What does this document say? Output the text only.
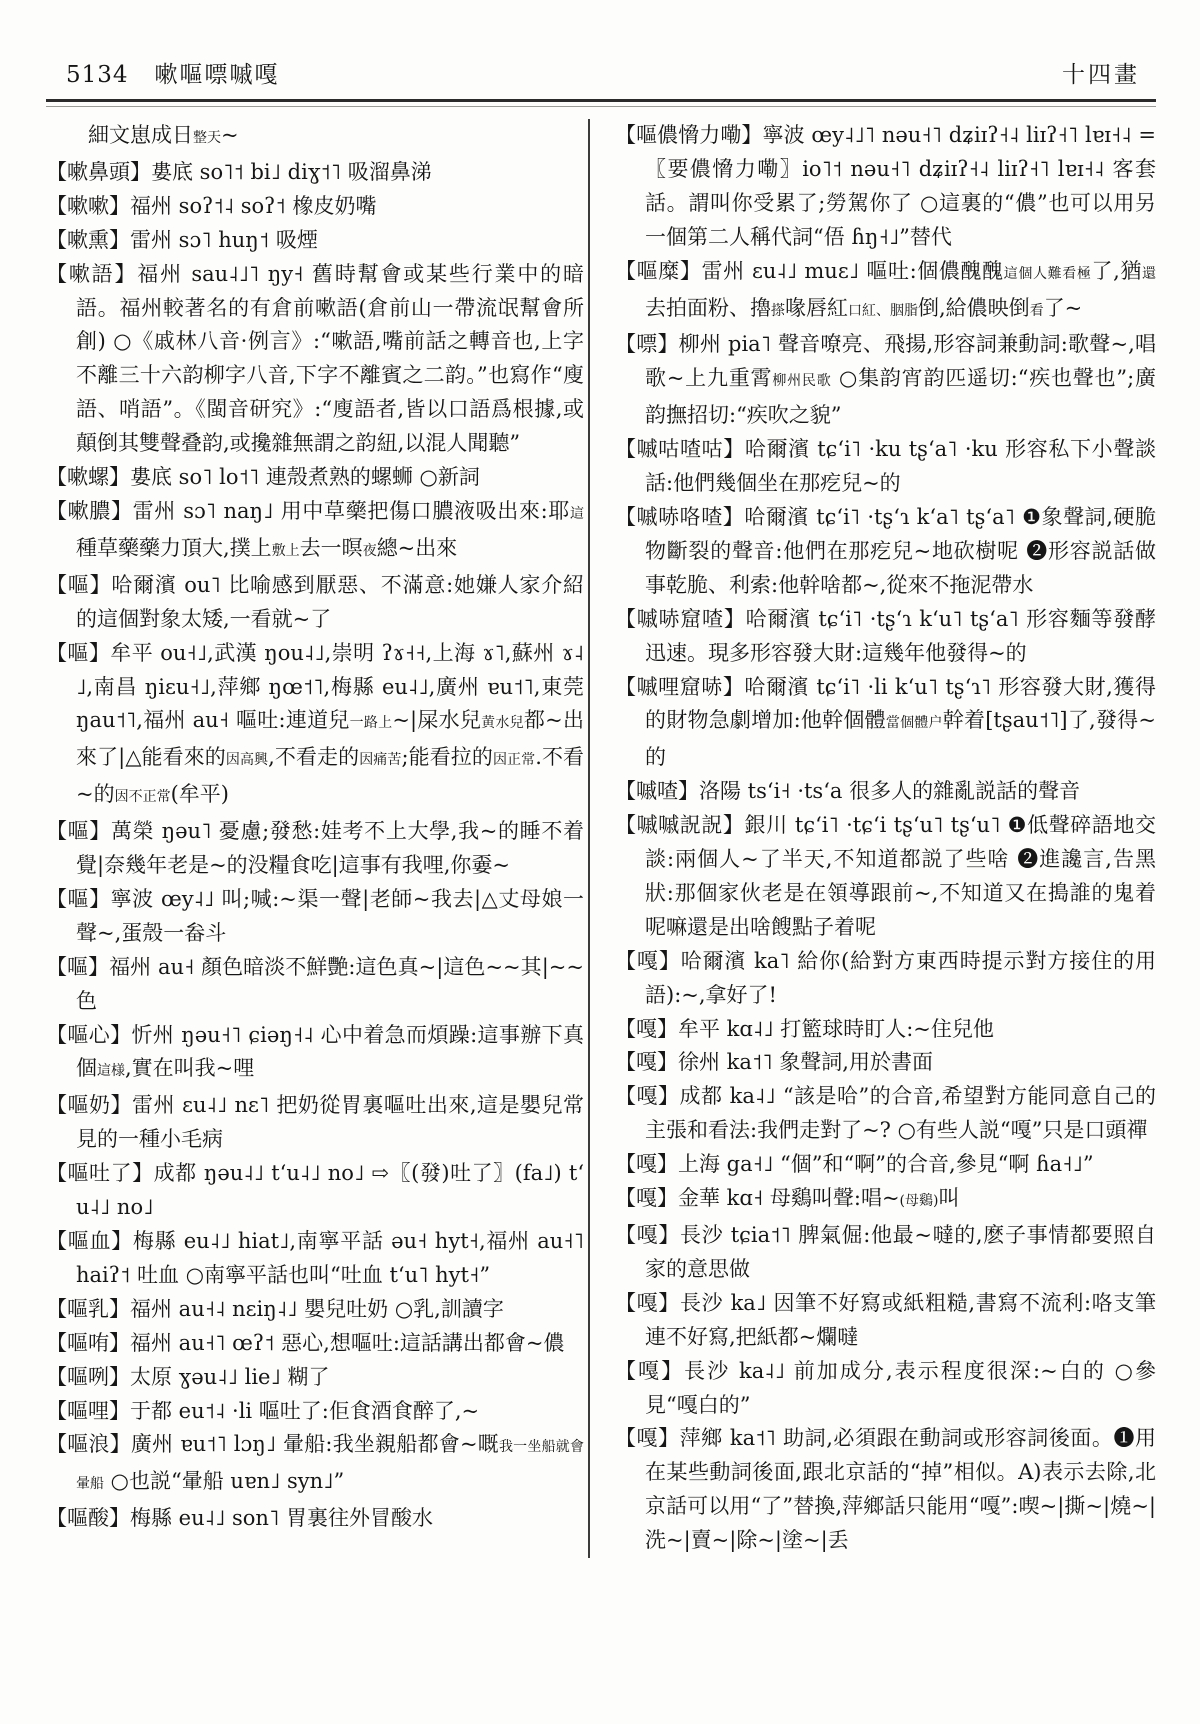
5134 嗽嘔嘌嘁嘎	十四畫

細文崽成日整天~

【嗽鼻頭】婁底 so˥˦ bi˩ diɣ˦˥ 吸溜鼻涕

【嗽嗽】福州 soʔ˦˨ soʔ˦ 橡皮奶嘴

【嗽熏】雷州 sɔ˥ huŋ˦ 吸煙

【嗽語】福州 sau˨˩˥ ŋy˧ 舊時幫會或某些行業中的暗語。福州較著名的有倉前嗽語(倉前山一帶流氓幫會所創) ○《戚林八音·例言》:“嗽語,嘴前話之轉音也,上字不離三十六韵柳字八音,下字不離賓之二韵。”也寫作“廋語、哨語”。《閩音研究》:“廋語者,皆以口語爲根據,或顛倒其雙聲叠韵,或攙雜無謂之韵紐,以混人聞聽”

【嗽螺】婁底 so˥ lo˦˥ 連殼煮熟的螺蛳 ○新詞

【嗽膿】雷州 sɔ˥ naŋ˩ 用中草藥把傷口膿液吸出來:耶這種草藥藥力頂大,撲上敷上去一暝夜總~出來

【嘔】哈爾濱 ou˥ 比喻感到厭惡、不滿意:她嫌人家介紹的這個對象太矮,一看就~了

【嘔】牟平 ou˧˩,武漢 ŋou˨˩,崇明 ʔɤ˧˧,上海 ɤ˥,蘇州 ɤ˨˩,南昌 ŋiɛu˧˩,萍鄉 ŋœ˦˥,梅縣 eu˨˩,廣州 ɐu˦˥,東莞 ŋau˦˥,福州 au˧ 嘔吐:連道兒一路上~|屎水兒黄水兒都~出來了|△能看來的因高興,不看走的因痛苦;能看拉的因正常.不看~的因不正常(牟平)

【嘔】萬榮 ŋəu˥ 憂慮;發愁:娃考不上大學,我~的睡不着覺|奈幾年老是~的没糧食吃|這事有我哩,你嫑~

【嘔】寧波 œy˨˩ 叫;喊:~渠一聲|老師~我去|△丈母娘一聲~,蛋殼一畚斗

【嘔】福州 au˧ 顏色暗淡不鮮艷:這色真~|這色~~其|~~色

【嘔心】忻州 ŋəu˧˥ ɕiəŋ˧˨ 心中着急而煩躁:這事辦下真個這様,實在叫我~哩

【嘔奶】雷州 ɛu˨˩ nɛ˥ 把奶從胃裏嘔吐出來,這是嬰兒常見的一種小毛病

【嘔吐了】成都 ŋəu˨˩ tʻu˨˩ no˩ ⇨〖(發)吐了〗(fa˩) tʻu˨˩ no˩

【嘔血】梅縣 eu˨˩ hiat˩,南寧平話 əu˧ hyt˧,福州 au˧˥ haiʔ˦ 吐血 ○南寧平話也叫“吐血 tʻu˥ hyt˧”

【嘔乳】福州 au˧˨ nɛiŋ˨˩ 嬰兒吐奶 ○乳,訓讀字

【嘔哊】福州 au˧˥ œʔ˦ 惡心,想嘔吐:這話講出都會~儂

【嘔咧】太原 ɣəu˨˩ lie˩ 糊了

【嘔哩】于都 eu˦˨ ·li 嘔吐了:佢食酒食醉了,~

【嘔浪】廣州 ɐu˦˥ lɔŋ˩ 暈船:我坐親船都會~嘅我一坐船就會暈船 ○也説“暈船 uɐn˩ syn˩”

【嘔酸】梅縣 eu˨˩ son˥ 胃裏往外冒酸水

【嘔儂愶力嘞】寧波 œy˨˩˥ nəu˧˥ dʑiɪʔ˧˨ liɪʔ˧˥ lɐɪ˧˨ =〖要儂愶力嘞〗io˥˦ nəu˧˥ dʑiɪʔ˧˨ liɪʔ˧˥ lɐɪ˧˨ 客套話。謂叫你受累了;勞駕你了 ○這裏的“儂”也可以用另一個第二人稱代詞“俉 ɦŋ˧˩”替代

【嘔糜】雷州 ɛu˨˩ muɛ˩ 嘔吐:個儂醜醜這個人難看極了,猶還去拍面粉、擼搽喙唇紅口紅、胭脂倒,給儂映倒看了~

【嘌】柳州 pia˥ 聲音嘹亮、飛揚,形容詞兼動詞:歌聲~,唱歌~上九重霄柳州民歌 ○集韵宵韵匹遥切:“疾也聲也”;廣韵撫招切:“疾吹之貌”

【嘁咕喳咕】哈爾濱 tɕʻi˥ ·ku tʂʻa˥ ·ku 形容私下小聲談話:他們幾個坐在那疙兒~的

【嘁哧咯喳】哈爾濱 tɕʻi˥ ·tʂʻɿ kʻa˥ tʂʻa˥ ❶象聲詞,硬脆物斷裂的聲音:他們在那疙兒~地砍樹呢 ❷形容説話做事乾脆、利索:他幹啥都~,從來不拖泥帶水

【嘁哧窟喳】哈爾濱 tɕʻi˥ ·tʂʻɿ kʻu˥ tʂʻa˥ 形容麵等發酵迅速。現多形容發大財:這幾年他發得~的

【嘁哩窟哧】哈爾濱 tɕʻi˥ ·li kʻu˥ tʂʻɿ˥ 形容發大財,獲得的財物急劇增加:他幹個體當個體户幹着[tʂau˦˥]了,發得~的

【嘁喳】洛陽 tsʻi˧ ·tsʻa 很多人的雜亂説話的聲音

【嘁嘁詋詋】銀川 tɕʻi˥ ·tɕʻi tʂʻu˥ tʂʻu˥ ❶低聲碎語地交談:兩個人~了半天,不知道都説了些啥 ❷進讒言,告黑狀:那個家伙老是在領導跟前~,不知道又在搗誰的鬼着呢嘛還是出啥餿點子着呢

【嘎】哈爾濱 ka˥ 給你(給對方東西時提示對方接住的用語):~,拿好了!

【嘎】牟平 kɑ˨˩ 打籃球時盯人:~住兒他

【嘎】徐州 ka˦˥ 象聲詞,用於書面

【嘎】成都 ka˨˩ “該是哈”的合音,希望對方能同意自己的主張和看法:我們走對了~? ○有些人説“嘎”只是口頭禪

【嘎】上海 ga˧˩ “個”和“啊”的合音,參見“啊 ɦa˧˩”

【嘎】金華 kɑ˧ 母鷄叫聲:唱~(母鷄)叫

【嘎】長沙 tɕia˦˥ 脾氣倔:他最~噠的,麽子事情都要照自家的意思做

【嘎】長沙 ka˩ 因筆不好寫或紙粗糙,書寫不流利:咯支筆連不好寫,把紙都~爛噠

【嘎】長沙 ka˨˩ 前加成分,表示程度很深:~白的 ○參見“嘎白的”

【嘎】萍鄉 ka˦˥ 助詞,必須跟在動詞或形容詞後面。❶用在某些動詞後面,跟北京話的“掉”相似。A)表示去除,北京話可以用“了”替換,萍鄉話只能用“嘎”:喫~|撕~|燒~|洗~|賣~|除~|塗~|丢
